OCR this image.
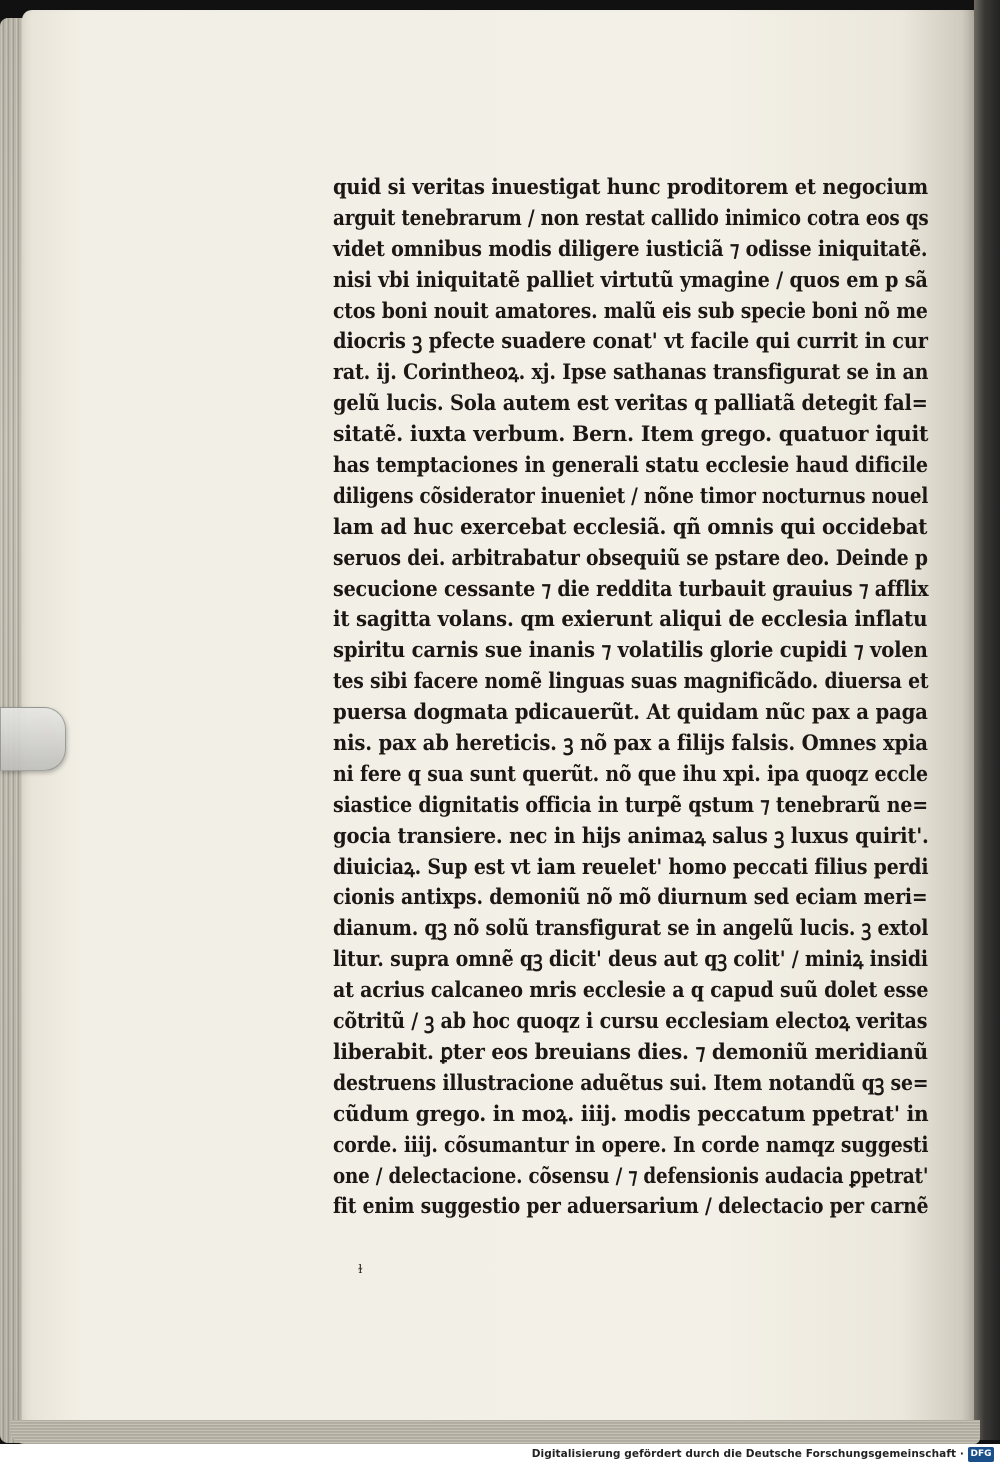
quid si veritas inuestigat hunc proditorem et negocium
arguit tenebrarum / non restat callido inimico cotra eos qs
videt omnibus modis diligere iusticiã ⁊ odisse iniquitatẽ.
nisi vbi iniquitatẽ palliet virtutũ ymagine / quos em p sã
ctos boni nouit amatores. malũ eis sub specie boni nõ me
diocris ꝫ pfecte suadere conat' vt facile qui currit in cur
rat. ij. Corintheoꝝ. xj. Ipse sathanas transfigurat se in an
gelũ lucis. Sola autem est veritas q palliatã detegit fal=
sitatẽ. iuxta verbum. Bern. Item grego. quatuor iquit
has temptaciones in generali statu ecclesie haud dificile
diligens cõsiderator inueniet / nõne timor nocturnus nouel
lam ad huc exercebat ecclesiã. qñ omnis qui occidebat
seruos dei. arbitrabatur obsequiũ se pstare deo. Deinde p
secucione cessante ⁊ die reddita turbauit grauius ⁊ afflix
it sagitta volans. qm exierunt aliqui de ecclesia inflatu
spiritu carnis sue inanis ⁊ volatilis glorie cupidi ⁊ volen
tes sibi facere nomẽ linguas suas magnificãdo. diuersa et
puersa dogmata pdicauerũt. At quidam nũc pax a paga
nis. pax ab hereticis. ꝫ nõ pax a filijs falsis. Omnes xpia
ni fere q sua sunt querũt. nõ que ihu xpi. ipa quoqz eccle
siastice dignitatis officia in turpẽ qstum ⁊ tenebrarũ ne=
gocia transiere. nec in hijs animaꝝ salus ꝫ luxus quirit'.
diuiciaꝝ. Sup est vt iam reuelet' homo peccati filius perdi
cionis antixps. demoniũ nõ mõ diurnum sed eciam meri=
dianum. qꝫ nõ solũ transfigurat se in angelũ lucis. ꝫ extol
litur. supra omnẽ qꝫ dicit' deus aut qꝫ colit' / miniꝝ insidi
at acrius calcaneo mris ecclesie a q capud suũ dolet esse
cõtritũ / ꝫ ab hoc quoqz i cursu ecclesiam electoꝝ veritas
liberabit. ꝑter eos breuians dies. ⁊ demoniũ meridianũ
destruens illustracione aduẽtus sui. Item notandũ qꝫ se=
cũdum grego. in moꝝ. iiij. modis peccatum ppetrat' in
corde. iiij. cõsumantur in opere. In corde namqz suggesti
one / delectacione. cõsensu / ⁊ defensionis audacia ꝑpetrat'
fit enim suggestio per aduersarium / delectacio per carnẽ
ɫ
Digitalisierung gefördert durch die Deutsche Forschungsgemeinschaft · DFG
